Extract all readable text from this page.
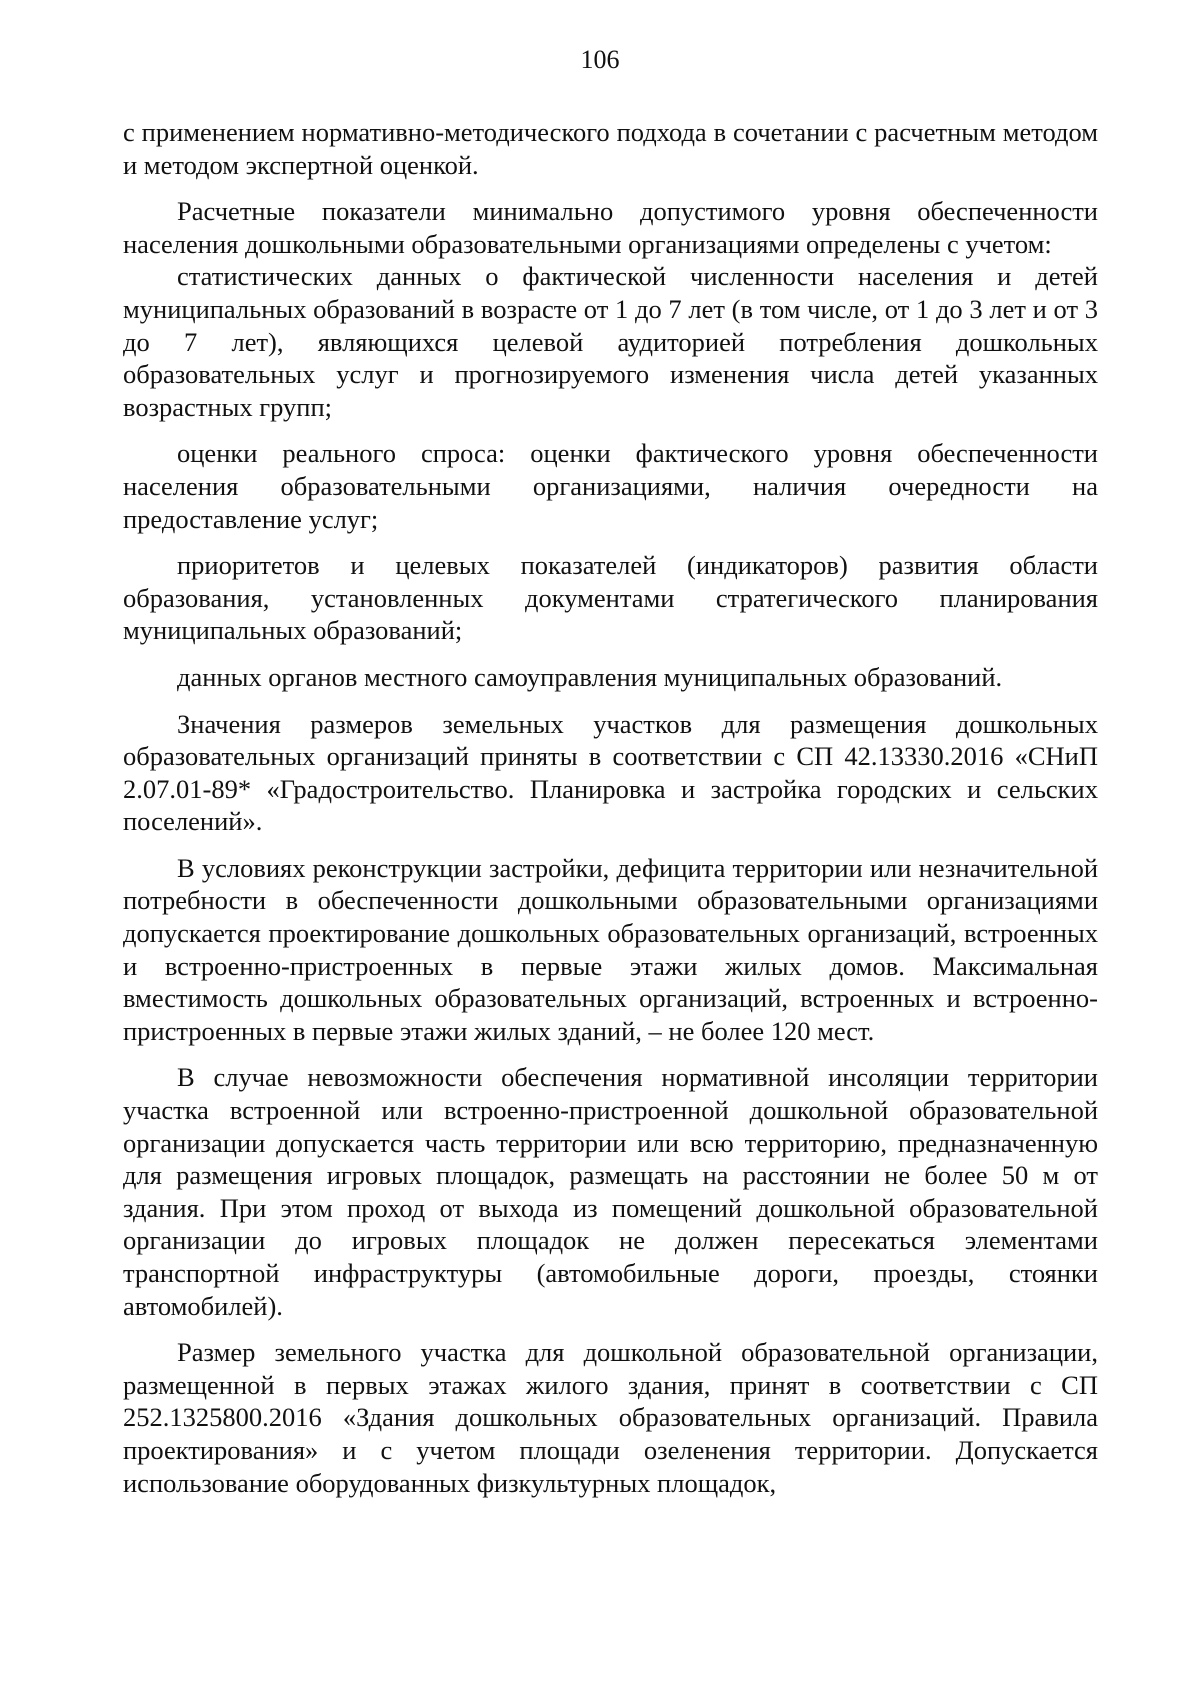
106

с применением нормативно-методического подхода в сочетании с расчетным методом и методом экспертной оценкой.

Расчетные показатели минимально допустимого уровня обеспеченности населения дошкольными образовательными организациями определены с учетом:

статистических данных о фактической численности населения и детей муниципальных образований в возрасте от 1 до 7 лет (в том числе, от 1 до 3 лет и от 3 до 7 лет), являющихся целевой аудиторией потребления дошкольных образовательных услуг и прогнозируемого изменения числа детей указанных возрастных групп;

оценки реального спроса: оценки фактического уровня обеспеченности населения образовательными организациями, наличия очередности на предоставление услуг;

приоритетов и целевых показателей (индикаторов) развития области образования, установленных документами стратегического планирования муниципальных образований;

данных органов местного самоуправления муниципальных образований.

Значения размеров земельных участков для размещения дошкольных образовательных организаций приняты в соответствии с СП 42.13330.2016 «СНиП 2.07.01-89* «Градостроительство. Планировка и застройка городских и сельских поселений».

В условиях реконструкции застройки, дефицита территории или незначительной потребности в обеспеченности дошкольными образовательными организациями допускается проектирование дошкольных образовательных организаций, встроенных и встроенно-пристроенных в первые этажи жилых домов. Максимальная вместимость дошкольных образовательных организаций, встроенных и встроенно-пристроенных в первые этажи жилых зданий, – не более 120 мест.

В случае невозможности обеспечения нормативной инсоляции территории участка встроенной или встроенно-пристроенной дошкольной образовательной организации допускается часть территории или всю территорию, предназначенную для размещения игровых площадок, размещать на расстоянии не более 50 м от здания. При этом проход от выхода из помещений дошкольной образовательной организации до игровых площадок не должен пересекаться элементами транспортной инфраструктуры (автомобильные дороги, проезды, стоянки автомобилей).

Размер земельного участка для дошкольной образовательной организации, размещенной в первых этажах жилого здания, принят в соответствии с СП 252.1325800.2016 «Здания дошкольных образовательных организаций. Правила проектирования» и с учетом площади озеленения территории. Допускается использование оборудованных физкультурных площадок,
